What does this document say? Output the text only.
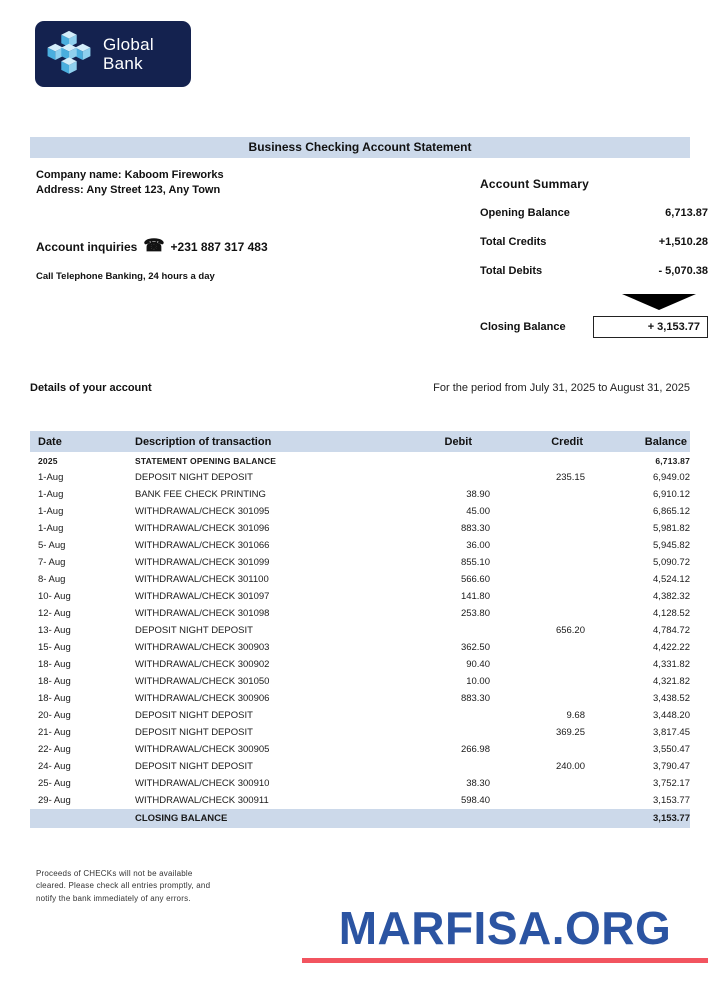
Global
Bank
Business Checking Account Statement
Company name: Kaboom Fireworks
Address: Any Street 123, Any Town
Account inquiries ☎ +231 887 317 483
Call Telephone Banking, 24 hours a day
Account Summary
Opening Balance	6,713.87
Total Credits	+1,510.28
Total Debits	- 5,070.38
Closing Balance	+ 3,153.77
Details of your account	For the period from July 31, 2025 to August 31, 2025
Date	Description of transaction	Debit	Credit	Balance
2025	STATEMENT OPENING BALANCE			6,713.87
1-Aug	DEPOSIT NIGHT DEPOSIT		235.15	6,949.02
1-Aug	BANK FEE CHECK PRINTING	38.90		6,910.12
1-Aug	WITHDRAWAL/CHECK 301095	45.00		6,865.12
1-Aug	WITHDRAWAL/CHECK 301096	883.30		5,981.82
5- Aug	WITHDRAWAL/CHECK 301066	36.00		5,945.82
7- Aug	WITHDRAWAL/CHECK 301099	855.10		5,090.72
8- Aug	WITHDRAWAL/CHECK 301100	566.60		4,524.12
10- Aug	WITHDRAWAL/CHECK 301097	141.80		4,382.32
12- Aug	WITHDRAWAL/CHECK 301098	253.80		4,128.52
13- Aug	DEPOSIT NIGHT DEPOSIT		656.20	4,784.72
15- Aug	WITHDRAWAL/CHECK 300903	362.50		4,422.22
18- Aug	WITHDRAWAL/CHECK 300902	90.40		4,331.82
18- Aug	WITHDRAWAL/CHECK 301050	10.00		4,321.82
18- Aug	WITHDRAWAL/CHECK 300906	883.30		3,438.52
20- Aug	DEPOSIT NIGHT DEPOSIT		9.68	3,448.20
21- Aug	DEPOSIT NIGHT DEPOSIT		369.25	3,817.45
22- Aug	WITHDRAWAL/CHECK 300905	266.98		3,550.47
24- Aug	DEPOSIT NIGHT DEPOSIT		240.00	3,790.47
25- Aug	WITHDRAWAL/CHECK 300910	38.30		3,752.17
29- Aug	WITHDRAWAL/CHECK 300911	598.40		3,153.77
	CLOSING BALANCE			3,153.77
Proceeds of CHECKs will not be available
cleared. Please check all entries promptly, and
notify the bank immediately of any errors.
MARFISA.ORG
